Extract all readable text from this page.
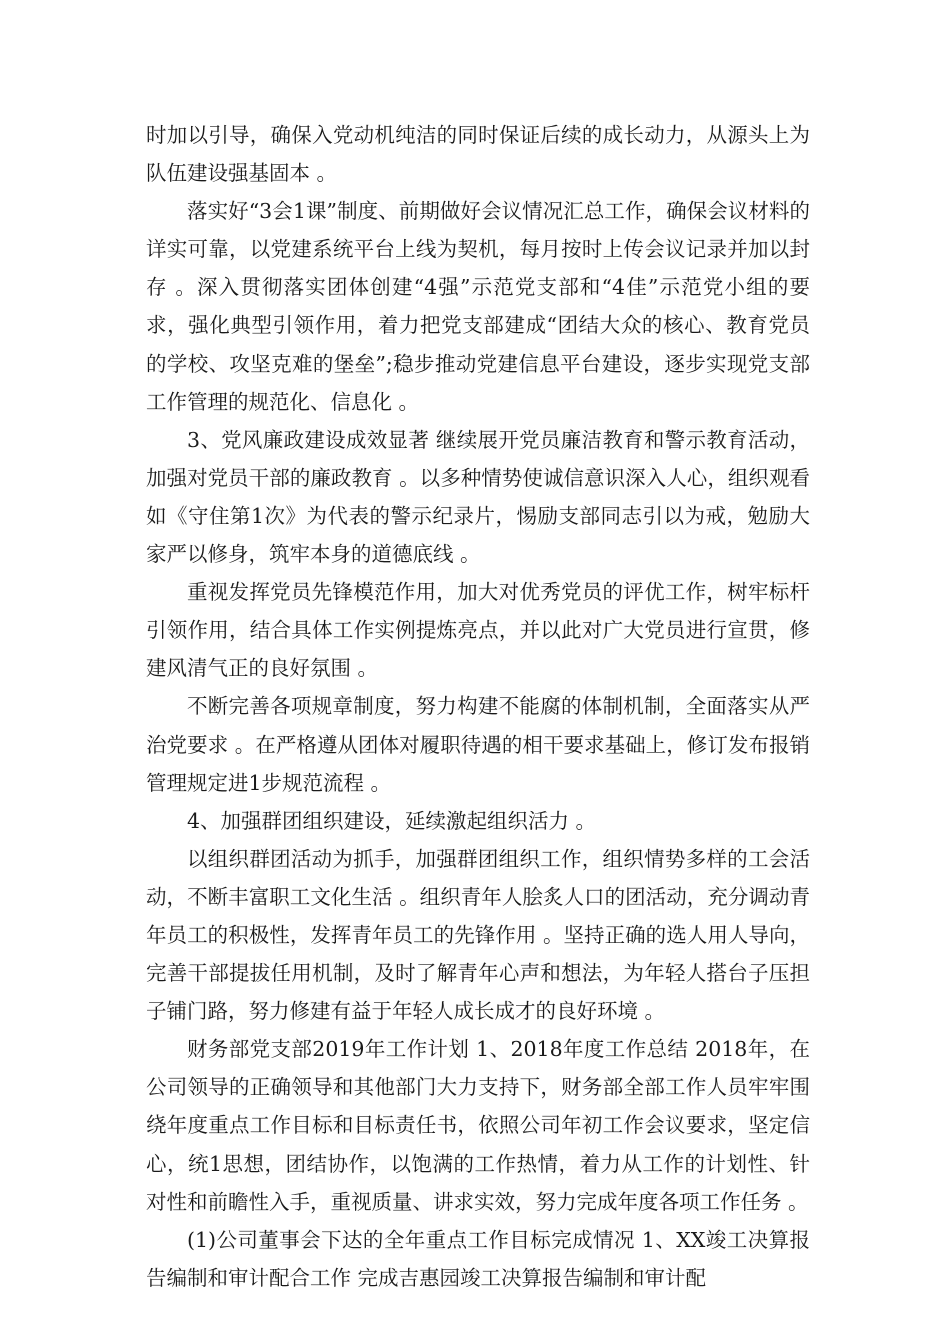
时加以引导，确保入党动机纯洁的同时保证后续的成长动力，从源头上为队伍建设强基固本 。

落实好“3会1课”制度、前期做好会议情况汇总工作，确保会议材料的详实可靠，以党建系统平台上线为契机，每月按时上传会议记录并加以封存 。深入贯彻落实团体创建“4强”示范党支部和“4佳”示范党小组的要求，强化典型引领作用，着力把党支部建成“团结大众的核心、教育党员的学校、攻坚克难的堡垒”;稳步推动党建信息平台建设，逐步实现党支部工作管理的规范化、信息化 。

3、党风廉政建设成效显著 继续展开党员廉洁教育和警示教育活动，加强对党员干部的廉政教育 。以多种情势使诚信意识深入人心，组织观看如《守住第1次》为代表的警示纪录片，惕励支部同志引以为戒，勉励大家严以修身，筑牢本身的道德底线 。

重视发挥党员先锋模范作用，加大对优秀党员的评优工作，树牢标杆引领作用，结合具体工作实例提炼亮点，并以此对广大党员进行宣贯，修建风清气正的良好氛围 。

不断完善各项规章制度，努力构建不能腐的体制机制，全面落实从严治党要求 。在严格遵从团体对履职待遇的相干要求基础上，修订发布报销管理规定进1步规范流程 。

4、加强群团组织建设，延续激起组织活力 。

以组织群团活动为抓手，加强群团组织工作，组织情势多样的工会活动，不断丰富职工文化生活 。组织青年人脍炙人口的团活动，充分调动青年员工的积极性，发挥青年员工的先锋作用 。坚持正确的选人用人导向，完善干部提拔任用机制，及时了解青年心声和想法，为年轻人搭台子压担子铺门路，努力修建有益于年轻人成长成才的良好环境 。

财务部党支部2019年工作计划 1、2018年度工作总结 2018年，在公司领导的正确领导和其他部门大力支持下，财务部全部工作人员牢牢围绕年度重点工作目标和目标责任书，依照公司年初工作会议要求，坚定信心，统1思想，团结协作，以饱满的工作热情，着力从工作的计划性、针对性和前瞻性入手，重视质量、讲求实效，努力完成年度各项工作任务 。

(1)公司董事会下达的全年重点工作目标完成情况 1、XX竣工决算报告编制和审计配合工作 完成吉惠园竣工决算报告编制和审计配
